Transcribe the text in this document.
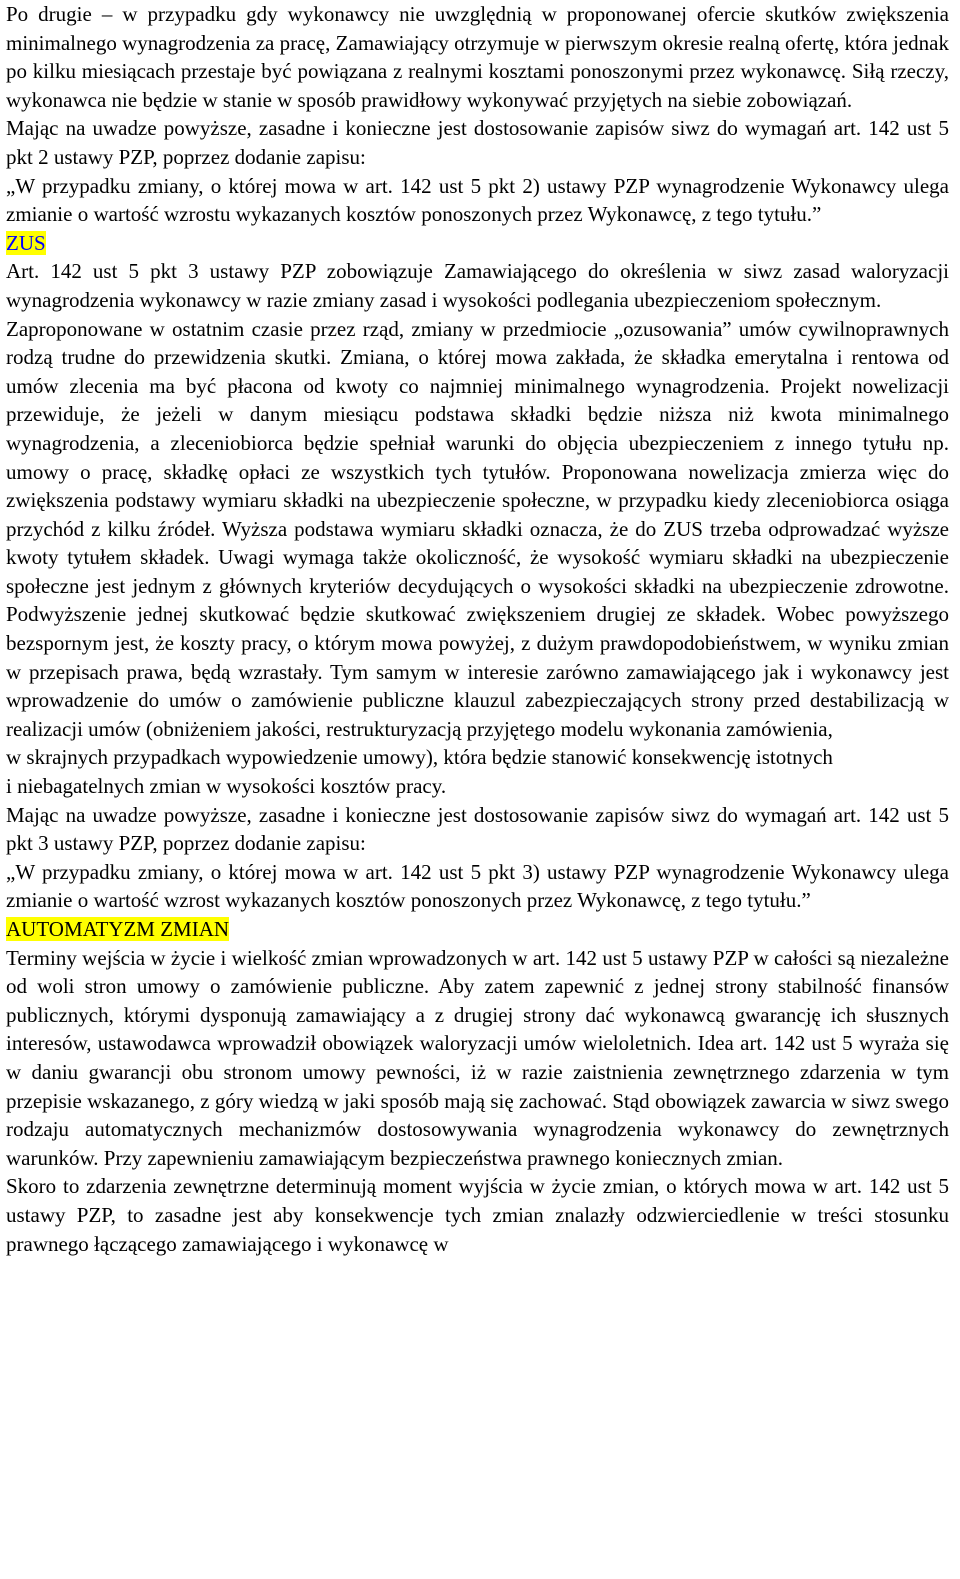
Po drugie – w przypadku gdy wykonawcy nie uwzględnią w proponowanej ofercie skutków zwiększenia minimalnego wynagrodzenia za pracę, Zamawiający otrzymuje w pierwszym okresie realną ofertę, która jednak po kilku miesiącach przestaje być powiązana z realnymi kosztami ponoszonymi przez wykonawcę. Siłą rzeczy, wykonawca nie będzie w stanie w sposób prawidłowy wykonywać przyjętych na siebie zobowiązań.

Mając na uwadze powyższe, zasadne i konieczne jest dostosowanie zapisów siwz do wymagań art. 142 ust 5 pkt 2 ustawy PZP, poprzez dodanie zapisu:

„W przypadku zmiany, o której mowa w art. 142 ust 5 pkt 2) ustawy PZP wynagrodzenie Wykonawcy ulega zmianie o wartość wzrostu wykazanych kosztów ponoszonych przez Wykonawcę, z tego tytułu.”

ZUS

Art. 142 ust 5 pkt 3 ustawy PZP zobowiązuje Zamawiającego do określenia w siwz zasad waloryzacji wynagrodzenia wykonawcy w razie zmiany zasad i wysokości podlegania ubezpieczeniom społecznym.

Zaproponowane w ostatnim czasie przez rząd, zmiany w przedmiocie „ozusowania” umów cywilnoprawnych rodzą trudne do przewidzenia skutki. Zmiana, o której mowa zakłada, że składka emerytalna i rentowa od umów zlecenia ma być płacona od kwoty co najmniej minimalnego wynagrodzenia. Projekt nowelizacji przewiduje, że jeżeli w danym miesiącu podstawa składki będzie niższa niż kwota minimalnego wynagrodzenia, a zleceniobiorca będzie spełniał warunki do objęcia ubezpieczeniem z innego tytułu np. umowy o pracę, składkę opłaci ze wszystkich tych tytułów. Proponowana nowelizacja zmierza więc do zwiększenia podstawy wymiaru składki na ubezpieczenie społeczne, w przypadku kiedy zleceniobiorca osiąga przychód z kilku źródeł. Wyższa podstawa wymiaru składki oznacza, że do ZUS trzeba odprowadzać wyższe kwoty tytułem składek. Uwagi wymaga także okoliczność, że wysokość wymiaru składki na ubezpieczenie społeczne jest jednym z głównych kryteriów decydujących o wysokości składki na ubezpieczenie zdrowotne. Podwyższenie jednej skutkować będzie skutkować zwiększeniem drugiej ze składek. Wobec powyższego bezspornym jest, że koszty pracy, o którym mowa powyżej, z dużym prawdopodobieństwem, w wyniku zmian w przepisach prawa, będą wzrastały. Tym samym w interesie zarówno zamawiającego jak i wykonawcy jest wprowadzenie do umów o zamówienie publiczne klauzul zabezpieczających strony przed destabilizacją w realizacji umów (obniżeniem jakości, restrukturyzacją przyjętego modelu wykonania zamówienia,

w skrajnych przypadkach wypowiedzenie umowy), która będzie stanowić konsekwencję istotnych

i niebagatelnych zmian w wysokości kosztów pracy.

Mając na uwadze powyższe, zasadne i konieczne jest dostosowanie zapisów siwz do wymagań art. 142 ust 5 pkt 3 ustawy PZP, poprzez dodanie zapisu:

„W przypadku zmiany, o której mowa w art. 142 ust 5 pkt 3) ustawy PZP wynagrodzenie Wykonawcy ulega zmianie o wartość wzrost wykazanych kosztów ponoszonych przez Wykonawcę, z tego tytułu.”

AUTOMATYZM ZMIAN

Terminy wejścia w życie i wielkość zmian wprowadzonych w art. 142 ust 5 ustawy PZP w całości są niezależne od woli stron umowy o zamówienie publiczne. Aby zatem zapewnić z jednej strony stabilność finansów publicznych, którymi dysponują zamawiający a z drugiej strony dać wykonawcą gwarancję ich słusznych interesów, ustawodawca wprowadził obowiązek waloryzacji umów wieloletnich. Idea art. 142 ust 5 wyraża się w daniu gwarancji obu stronom umowy pewności, iż w razie zaistnienia zewnętrznego zdarzenia w tym przepisie wskazanego, z góry wiedzą w jaki sposób mają się zachować. Stąd obowiązek zawarcia w siwz swego rodzaju automatycznych mechanizmów dostosowywania wynagrodzenia wykonawcy do zewnętrznych warunków. Przy zapewnieniu zamawiającym bezpieczeństwa prawnego koniecznych zmian.

Skoro to zdarzenia zewnętrzne determinują moment wyjścia w życie zmian, o których mowa w art. 142 ust 5 ustawy PZP, to zasadne jest aby konsekwencje tych zmian znalazły odzwierciedlenie w treści stosunku prawnego łączącego zamawiającego i wykonawcę w
